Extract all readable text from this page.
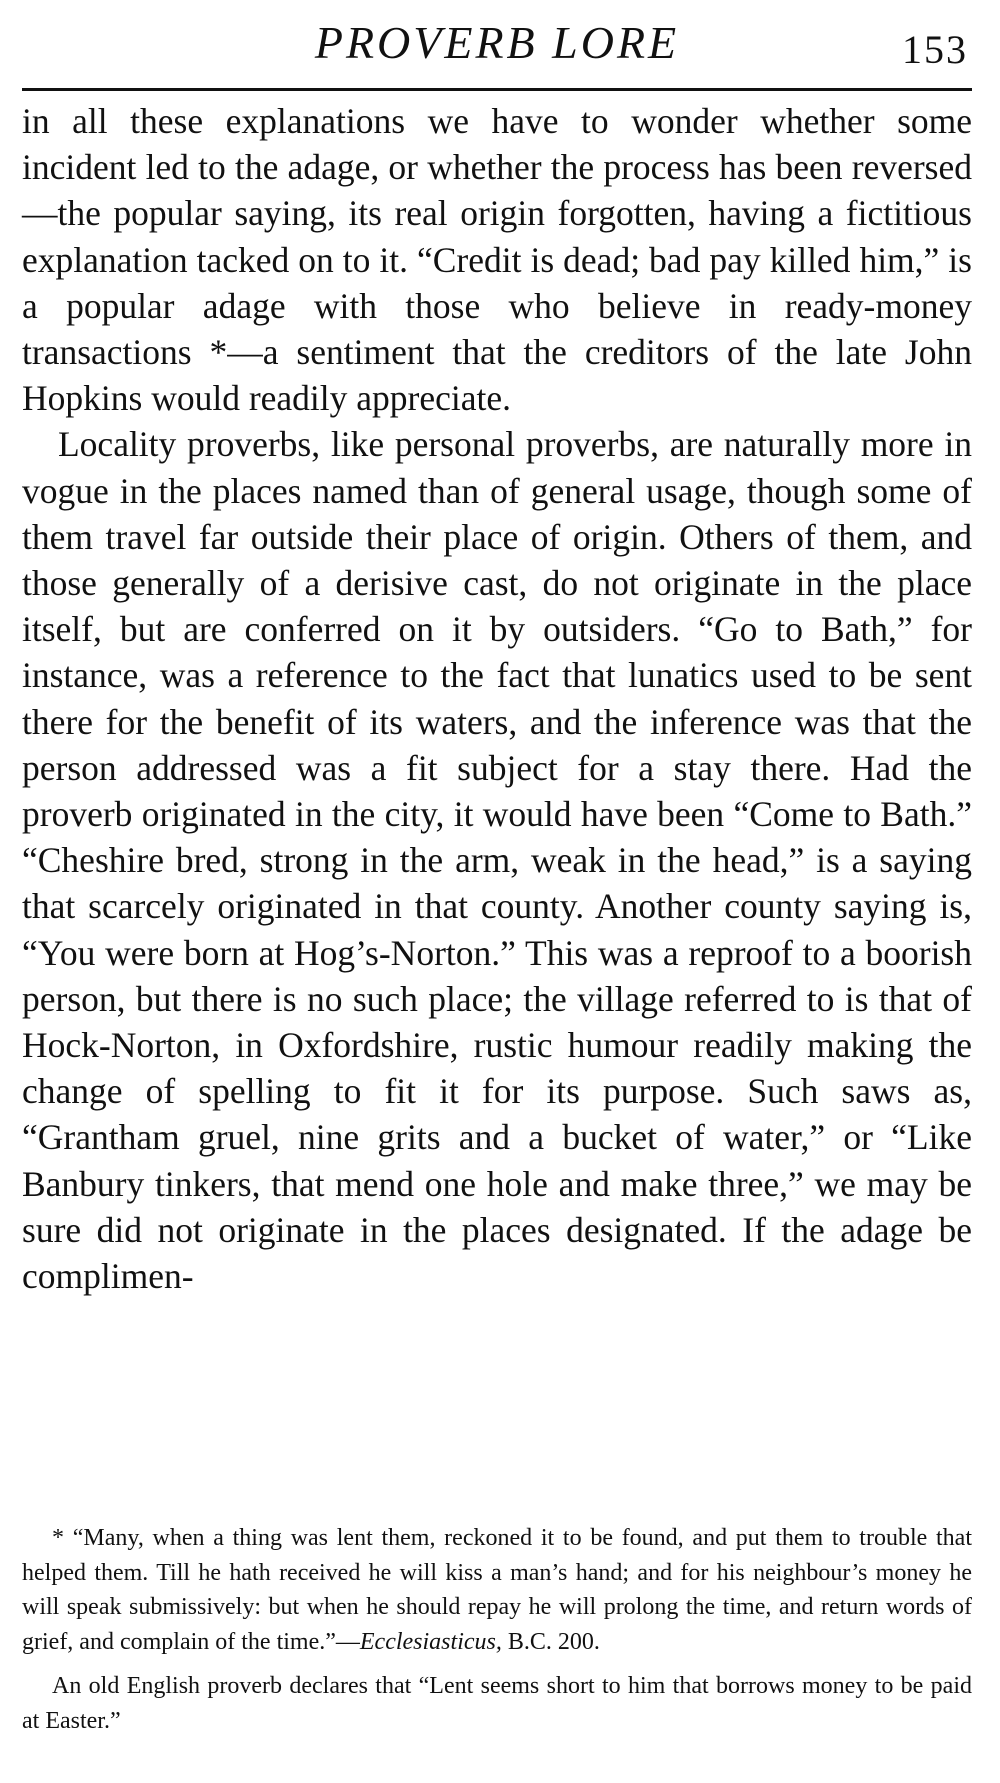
PROVERB LORE	153

in all these explanations we have to wonder whether some incident led to the adage, or whether the process has been reversed—the popular saying, its real origin forgotten, having a fictitious explanation tacked on to it. “Credit is dead; bad pay killed him,” is a popular adage with those who believe in ready-money transactions *—a sentiment that the creditors of the late John Hopkins would readily appreciate.

Locality proverbs, like personal proverbs, are naturally more in vogue in the places named than of general usage, though some of them travel far outside their place of origin. Others of them, and those generally of a derisive cast, do not originate in the place itself, but are conferred on it by outsiders. “Go to Bath,” for instance, was a reference to the fact that lunatics used to be sent there for the benefit of its waters, and the inference was that the person addressed was a fit subject for a stay there. Had the proverb originated in the city, it would have been “Come to Bath.” “Cheshire bred, strong in the arm, weak in the head,” is a saying that scarcely originated in that county. Another county saying is, “You were born at Hog’s-Norton.” This was a reproof to a boorish person, but there is no such place; the village referred to is that of Hock-Norton, in Oxfordshire, rustic humour readily making the change of spelling to fit it for its purpose. Such saws as, “Grantham gruel, nine grits and a bucket of water,” or “Like Banbury tinkers, that mend one hole and make three,” we may be sure did not originate in the places designated. If the adage be complimen-

* “Many, when a thing was lent them, reckoned it to be found, and put them to trouble that helped them. Till he hath received he will kiss a man’s hand; and for his neighbour’s money he will speak submissively: but when he should repay he will prolong the time, and return words of grief, and complain of the time.”—Ecclesiasticus, B.C. 200.

An old English proverb declares that “Lent seems short to him that borrows money to be paid at Easter.”
